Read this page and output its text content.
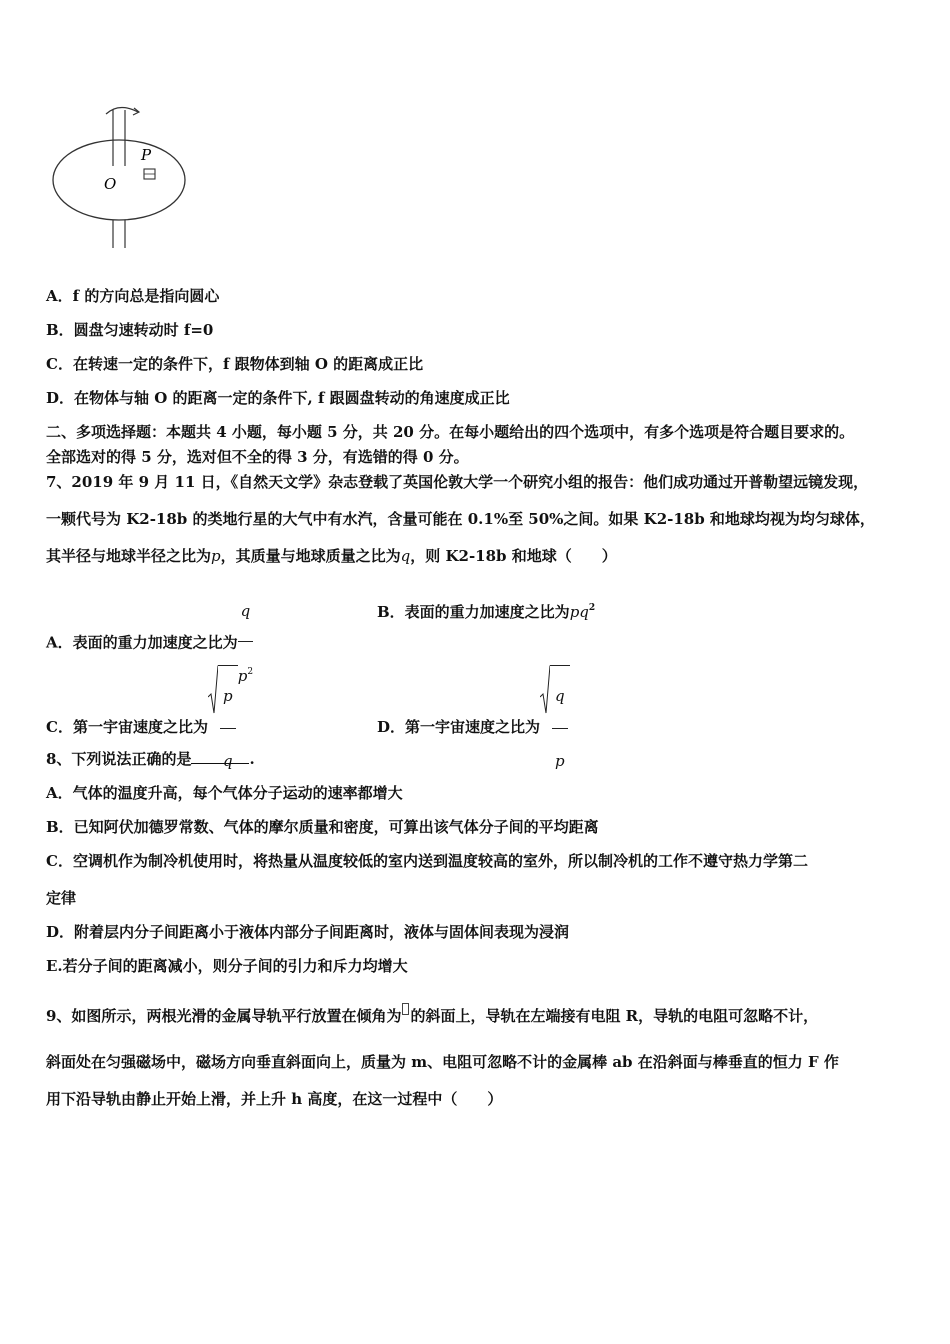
P
O
A．f 的方向总是指向圆心
B．圆盘匀速转动时 f=0
C．在转速一定的条件下，f 跟物体到轴 O 的距离成正比
D．在物体与轴 O 的距离一定的条件下, f 跟圆盘转动的角速度成正比
二、多项选择题：本题共 4 小题，每小题 5 分，共 20 分。在每小题给出的四个选项中，有多个选项是符合题目要求的。
全部选对的得 5 分，选对但不全的得 3 分，有选错的得 0 分。
7、2019 年 9 月 11 日，《自然天文学》杂志登载了英国伦敦大学一个研究小组的报告：他们成功通过开普勒望远镜发现，
一颗代号为 K2-18b 的类地行星的大气中有水汽，含量可能在 0.1%至 50%之间。如果 K2-18b 和地球均视为均匀球体，
其半径与地球半径之比为p，其质量与地球质量之比为q，则 K2-18b 和地球（　　）
A．表面的重力加速度之比为 $\frac{q}{p^2}$	B．表面的重力加速度之比为$pq^2$
C．第一宇宙速度之比为 $\frac{p}{q}$	D．第一宇宙速度之比为 $\frac{q}{p}$
8、下列说法正确的是	.
A．气体的温度升高，每个气体分子运动的速率都增大
B．已知阿伏加德罗常数、气体的摩尔质量和密度，可算出该气体分子间的平均距离
C．空调机作为制冷机使用时，将热量从温度较低的室内送到温度较高的室外，所以制冷机的工作不遵守热力学第二
定律
D．附着层内分子间距离小于液体内部分子间距离时，液体与固体间表现为浸润
E.若分子间的距离减小，则分子间的引力和斥力均增大
9、如图所示，两根光滑的金属导轨平行放置在倾角为 的斜面上，导轨在左端接有电阻 R，导轨的电阻可忽略不计，
斜面处在匀强磁场中，磁场方向垂直斜面向上，质量为 m、电阻可忽略不计的金属棒 ab 在沿斜面与棒垂直的恒力 F 作
用下沿导轨由静止开始上滑，并上升 h 高度，在这一过程中（　　）
